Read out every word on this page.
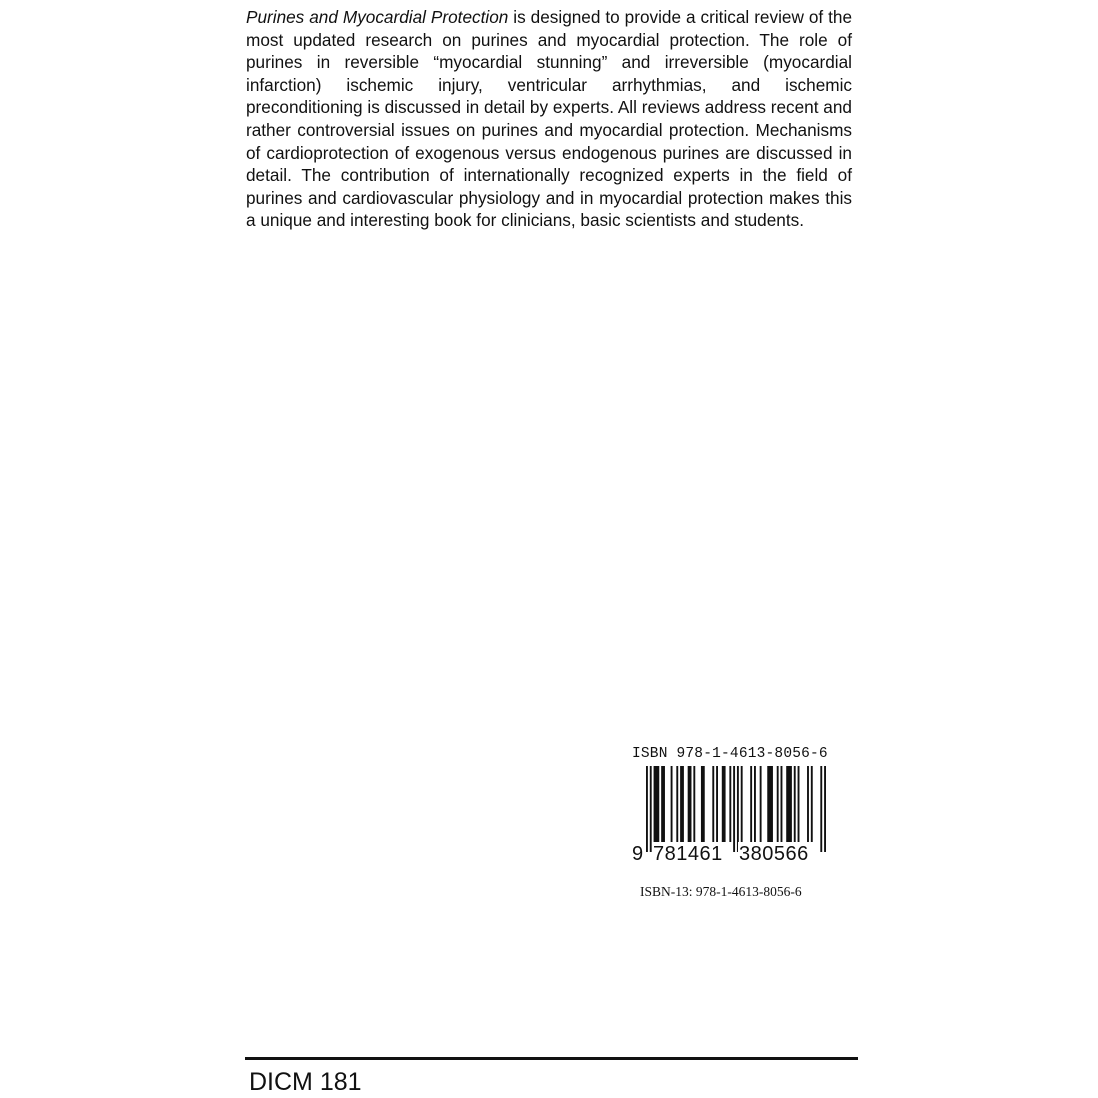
Purines and Myocardial Protection is designed to provide a critical review of the most updated research on purines and myocardial protection. The role of purines in reversible “myocardial stunning” and irreversible (myocardial infarction) ischemic injury, ventricular arrhythmias, and ischemic preconditioning is discussed in detail by experts. All reviews address recent and rather controversial issues on purines and myocardial protection. Mechanisms of cardioprotection of exogenous versus endogenous purines are discussed in detail. The contribution of internationally recognized experts in the field of purines and cardiovascular physiology and in myocardial protection makes this a unique and interesting book for clinicians, basic scientists and students.

ISBN 978-1-4613-8056-6
9 781461 380566
ISBN-13: 978-1-4613-8056-6
DICM 181
